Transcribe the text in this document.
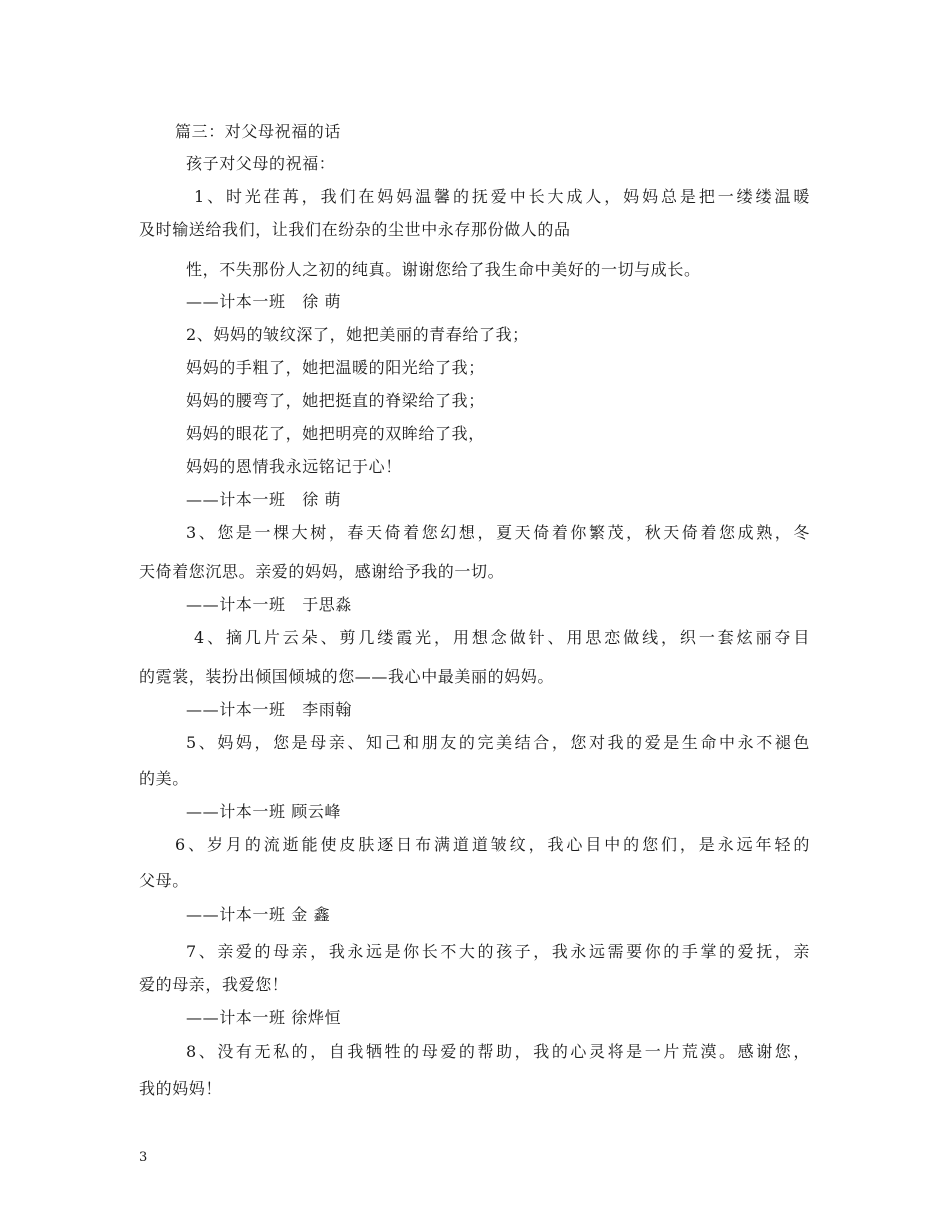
篇三：对父母祝福的话
孩子对父母的祝福：
1、时光荏苒，我们在妈妈温馨的抚爱中长大成人，妈妈总是把一缕缕温暖
及时输送给我们，让我们在纷杂的尘世中永存那份做人的品
性，不失那份人之初的纯真。谢谢您给了我生命中美好的一切与成长。
——计本一班　徐 萌
2、妈妈的皱纹深了，她把美丽的青春给了我；
妈妈的手粗了，她把温暖的阳光给了我；
妈妈的腰弯了，她把挺直的脊梁给了我；
妈妈的眼花了，她把明亮的双眸给了我，
妈妈的恩情我永远铭记于心！
——计本一班　徐 萌
3、您是一棵大树，春天倚着您幻想，夏天倚着你繁茂，秋天倚着您成熟，冬
天倚着您沉思。亲爱的妈妈，感谢给予我的一切。
——计本一班　于思淼
4、摘几片云朵、剪几缕霞光，用想念做针、用思恋做线，织一套炫丽夺目
的霓裳，装扮出倾国倾城的您——我心中最美丽的妈妈。
——计本一班　李雨翰
5、妈妈，您是母亲、知己和朋友的完美结合，您对我的爱是生命中永不褪色
的美。
——计本一班 顾云峰
6、岁月的流逝能使皮肤逐日布满道道皱纹，我心目中的您们，是永远年轻的
父母。
——计本一班 金 鑫
7、亲爱的母亲，我永远是你长不大的孩子，我永远需要你的手掌的爱抚，亲
爱的母亲，我爱您！
——计本一班 徐烨恒
8、没有无私的，自我牺牲的母爱的帮助，我的心灵将是一片荒漠。感谢您，
我的妈妈！
3
